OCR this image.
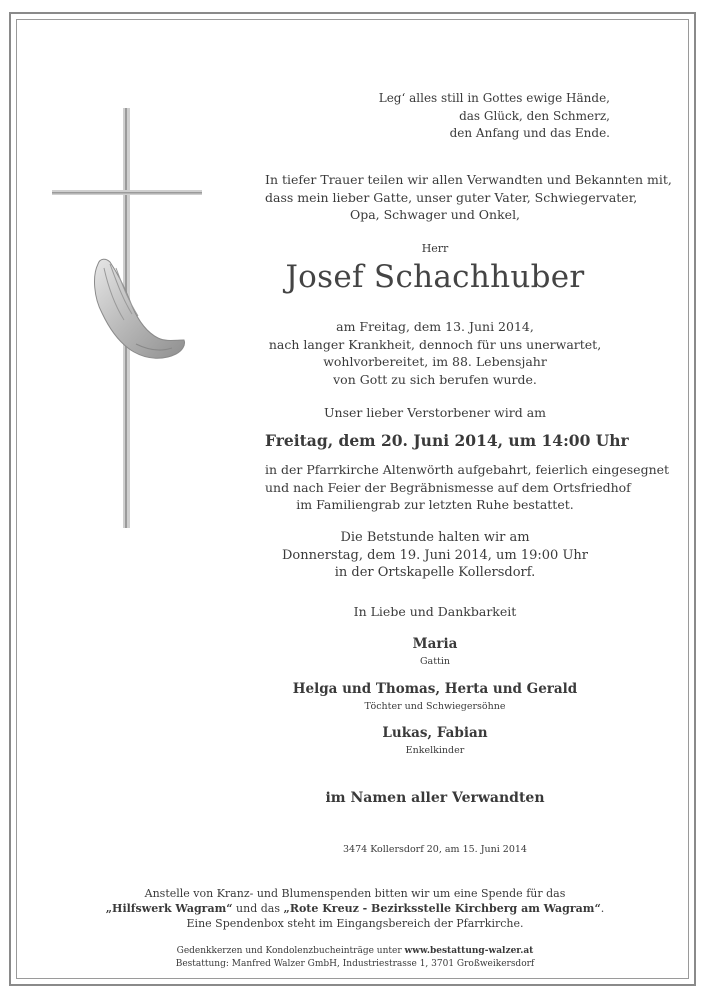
Leg‘ alles still in Gottes ewige Hände,
das Glück, den Schmerz,
den Anfang und das Ende.
In tiefer Trauer teilen wir allen Verwandten und Bekannten mit,
dass mein lieber Gatte, unser guter Vater, Schwiegervater,
Opa, Schwager und Onkel,
Herr
Josef Schachhuber
am Freitag, dem 13. Juni 2014,
nach langer Krankheit, dennoch für uns unerwartet,
wohlvorbereitet, im 88. Lebensjahr
von Gott zu sich berufen wurde.
Unser lieber Verstorbener wird am
Freitag, dem 20. Juni 2014, um 14:00 Uhr
in der Pfarrkirche Altenwörth aufgebahrt, feierlich eingesegnet
und nach Feier der Begräbnismesse auf dem Ortsfriedhof
im Familiengrab zur letzten Ruhe bestattet.
Die Betstunde halten wir am
Donnerstag, dem 19. Juni 2014, um 19:00 Uhr
in der Ortskapelle Kollersdorf.
In Liebe und Dankbarkeit
Maria
Gattin
Helga und Thomas, Herta und Gerald
Töchter und Schwiegersöhne
Lukas, Fabian
Enkelkinder
im Namen aller Verwandten
3474 Kollersdorf 20, am 15. Juni 2014
Anstelle von Kranz- und Blumenspenden bitten wir um eine Spende für das
„Hilfswerk Wagram“ und das „Rote Kreuz - Bezirksstelle Kirchberg am Wagram“.
Eine Spendenbox steht im Eingangsbereich der Pfarrkirche.
Gedenkkerzen und Kondolenzbucheinträge unter www.bestattung-walzer.at
Bestattung: Manfred Walzer GmbH, Industriestrasse 1, 3701 Großweikersdorf
